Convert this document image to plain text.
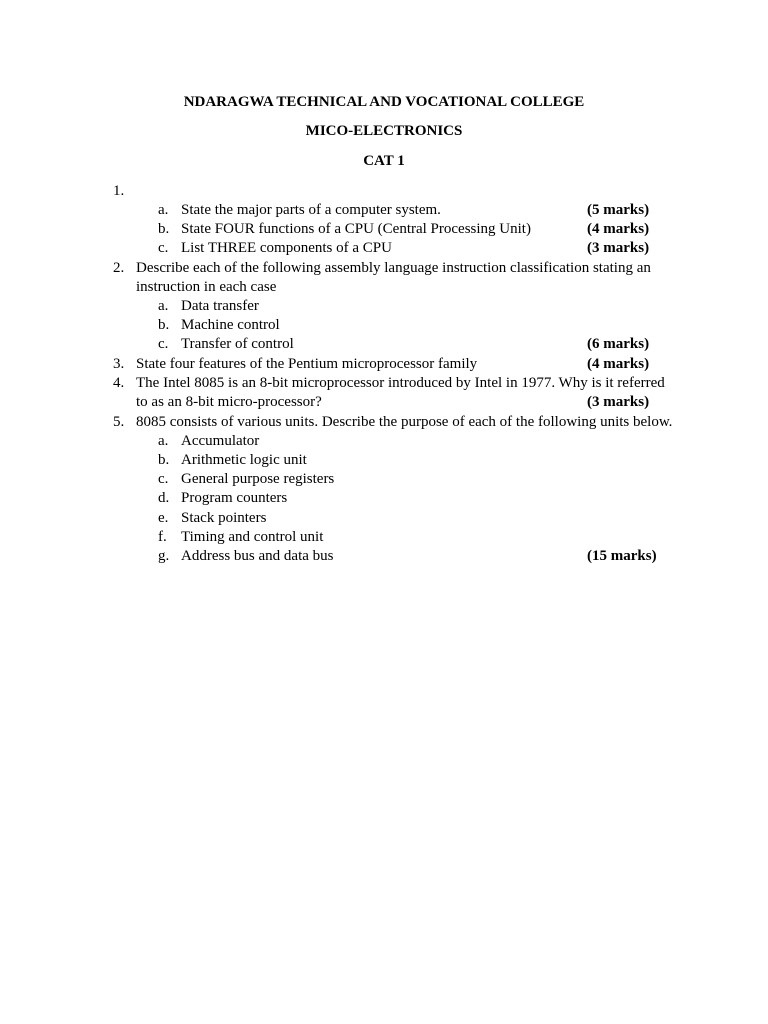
NDARAGWA TECHNICAL AND VOCATIONAL COLLEGE
MICO-ELECTRONICS
CAT 1
1.
a. State the major parts of a computer system.	(5 marks)
b. State FOUR functions of a CPU (Central Processing Unit)	(4 marks)
c. List THREE components of a CPU	(3 marks)
2. Describe each of the following assembly language instruction classification stating an
instruction in each case
a. Data transfer
b. Machine control
c. Transfer of control	(6 marks)
3. State four features of the Pentium microprocessor family	(4 marks)
4. The Intel 8085 is an 8-bit microprocessor introduced by Intel in 1977. Why is it referred
to as an 8-bit micro-processor?	(3 marks)
5. 8085 consists of various units. Describe the purpose of each of the following units below.
a. Accumulator
b. Arithmetic logic unit
c. General purpose registers
d. Program counters
e. Stack pointers
f. Timing and control unit
g. Address bus and data bus	(15 marks)
